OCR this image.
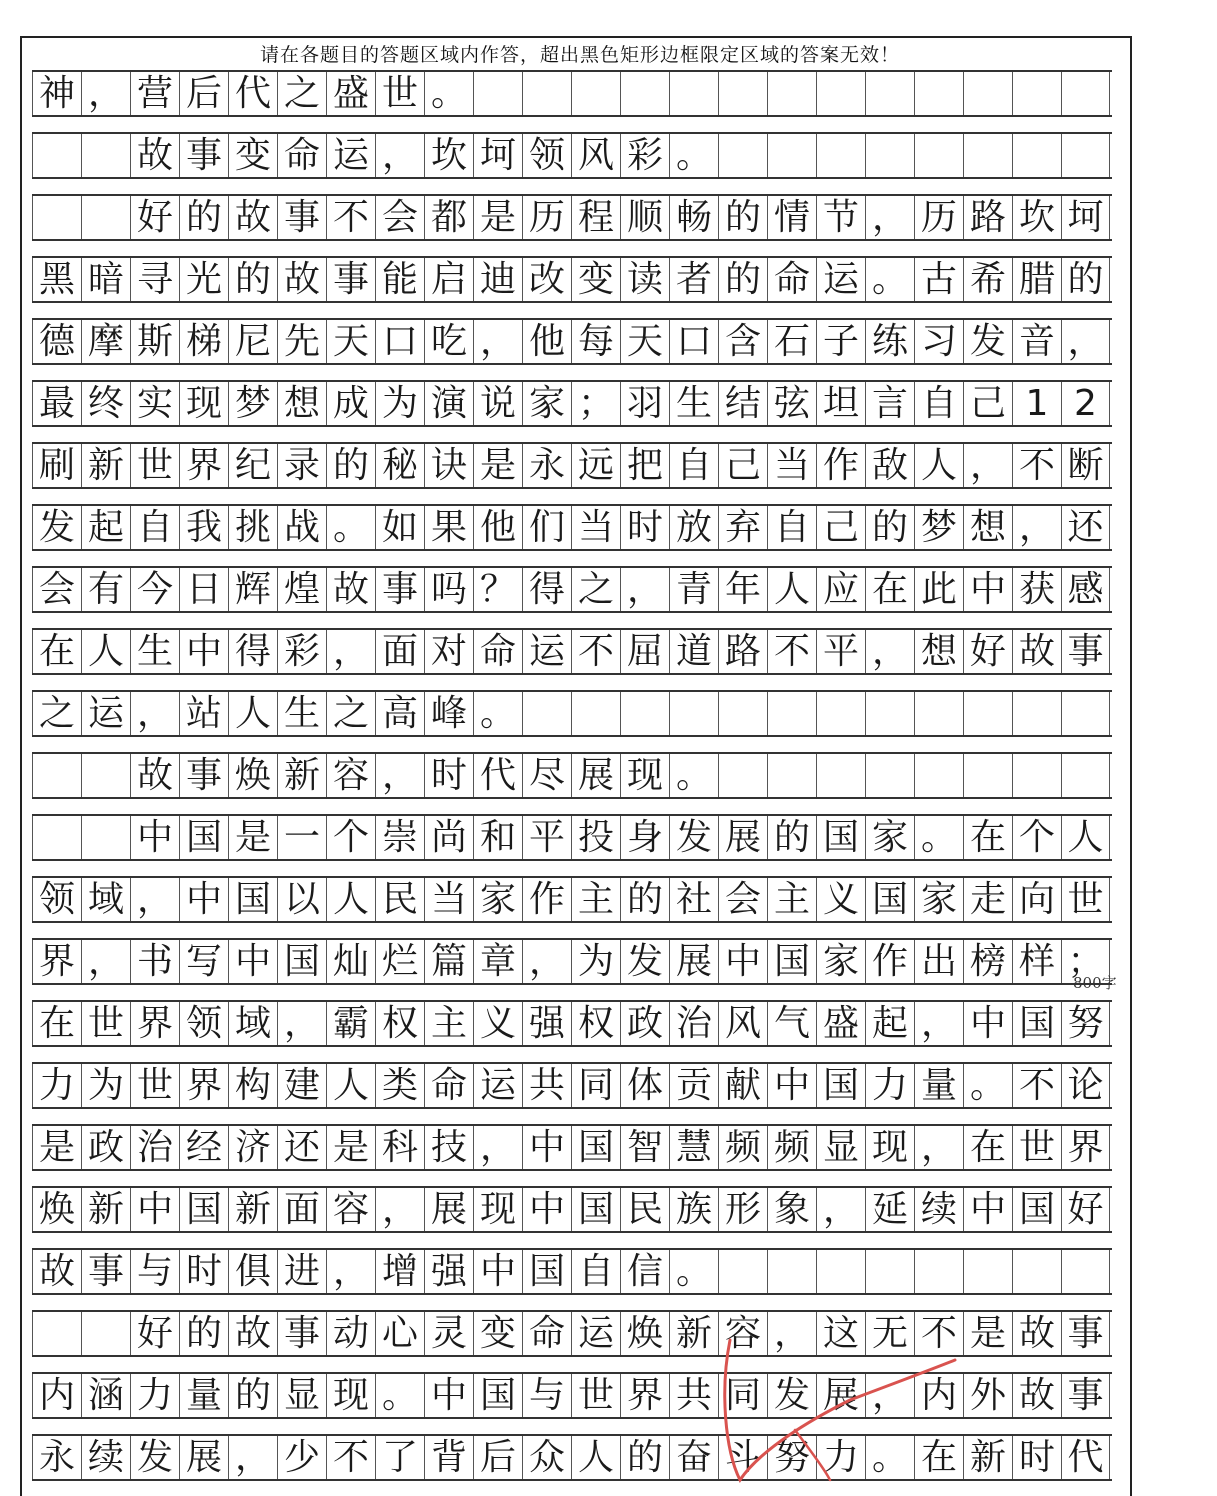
请在各题目的答题区域内作答，超出黑色矩形边框限定区域的答案无效！
神 ， 营 后 代 之 盛 世 。
故 事 变 命 运 ， 坎 坷 领 风 彩 。
好 的 故 事 不 会 都 是 历 程 顺 畅 的 情 节 ， 历 路 坎 坷
黑 暗 寻 光 的 故 事 能 启 迪 改 变 读 者 的 命 运 。 古 希 腊 的
德 摩 斯 梯 尼 先 天 口 吃 ， 他 每 天 口 含 石 子 练 习 发 音 ，
最 终 实 现 梦 想 成 为 演 说 家 ； 羽 生 结 弦 坦 言 自 己 1 2
刷 新 世 界 纪 录 的 秘 诀 是 永 远 把 自 己 当 作 敌 人 ， 不 断
发 起 自 我 挑 战 。 如 果 他 们 当 时 放 弃 自 己 的 梦 想 ， 还
会 有 今 日 辉 煌 故 事 吗 ？ 得 之 ， 青 年 人 应 在 此 中 获 感
在 人 生 中 得 彩 ， 面 对 命 运 不 屈 道 路 不 平 ， 想 好 故 事
之 运 ， 站 人 生 之 高 峰 。
故 事 焕 新 容 ， 时 代 尽 展 现 。
中 国 是 一 个 崇 尚 和 平 投 身 发 展 的 国 家 。 在 个 人
领 域 ， 中 国 以 人 民 当 家 作 主 的 社 会 主 义 国 家 走 向 世
界 ， 书 写 中 国 灿 烂 篇 章 ， 为 发 展 中 国 家 作 出 榜 样 ；
在 世 界 领 域 ， 霸 权 主 义 强 权 政 治 风 气 盛 起 ， 中 国 努
力 为 世 界 构 建 人 类 命 运 共 同 体 贡 献 中 国 力 量 。 不 论
是 政 治 经 济 还 是 科 技 ， 中 国 智 慧 频 频 显 现 ， 在 世 界
焕 新 中 国 新 面 容 ， 展 现 中 国 民 族 形 象 ， 延 续 中 国 好
故 事 与 时 俱 进 ， 增 强 中 国 自 信 。
好 的 故 事 动 心 灵 变 命 运 焕 新 容 ， 这 无 不 是 故 事
内 涵 力 量 的 显 现 。 中 国 与 世 界 共 同 发 展 ， 内 外 故 事
永 续 发 展 ， 少 不 了 背 后 众 人 的 奋 斗 努 力 。 在 新 时 代
800字
